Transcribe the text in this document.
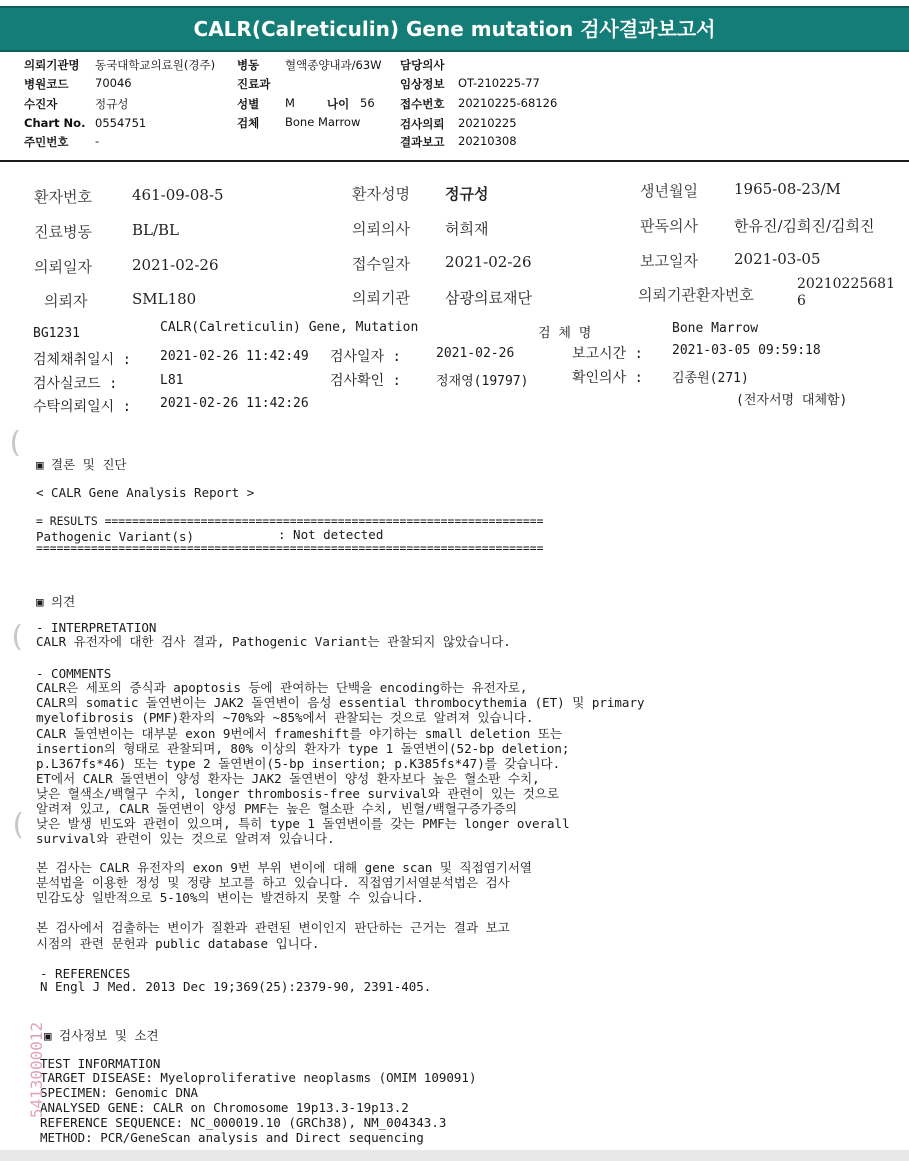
CALR(Calreticulin) Gene mutation 검사결과보고서
의뢰기관명 동국대학교의료원(경주)
병원코드 70046
수진자	정규성
Chart No. 0554751
주민번호 -
병동 혈액종양내과/63W
진료과
성별 M	나이 56
검체 Bone Marrow
담당의사
임상정보 OT-210225-77
접수번호 20210225-68126
검사의뢰 20210225
결과보고 20210308
환자번호	461-09-08-5	환자성명 정규성	생년월일 1965-08-23/M
진료병동	BL/BL	의뢰의사 허희재	판독의사 한유진/김희진/김희진
의뢰일자	2021-02-26	접수일자 2021-02-26	보고일자 2021-03-05
의뢰자	SML180	의뢰기관 삼광의료재단	의뢰기관환자번호
20210225681
6
BG1231	CALR(Calreticulin) Gene, Mutation	검 체 명	Bone Marrow
검체채취일시 : 2021-02-26 11:42:49 검사일자 :	2021-02-26	보고시간 : 2021-03-05 09:59:18
검사실코드 :	L81	검사확인 :	정재영(19797)	확인의사 : 김종원(271)
수탁의뢰일시 : 2021-02-26 11:42:26	(전자서명 대체함)
▣ 결론 및 진단
< CALR Gene Analysis Report >
= RESULTS ================================================================
Pathogenic Variant(s)	: Not detected
==========================================================================
▣ 의견
- INTERPRETATION
CALR 유전자에 대한 검사 결과, Pathogenic Variant는 관찰되지 않았습니다.
- COMMENTS
CALR은 세포의 증식과 apoptosis 등에 관여하는 단백을 encoding하는 유전자로,
CALR의 somatic 돌연변이는 JAK2 돌연변이 음성 essential thrombocythemia (ET) 및 primary
myelofibrosis (PMF)환자의 ~70%와 ~85%에서 관찰되는 것으로 알려져 있습니다.
CALR 돌연변이는 대부분 exon 9번에서 frameshift를 야기하는 small deletion 또는
insertion의 형태로 관찰되며, 80% 이상의 환자가 type 1 돌연변이(52-bp deletion;
p.L367fs*46) 또는 type 2 돌연변이(5-bp insertion; p.K385fs*47)를 갖습니다.
ET에서 CALR 돌연변이 양성 환자는 JAK2 돌연변이 양성 환자보다 높은 혈소판 수치,
낮은 혈색소/백혈구 수치, longer thrombosis-free survival와 관련이 있는 것으로
알려져 있고, CALR 돌연변이 양성 PMF는 높은 혈소판 수치, 빈혈/백혈구증가증의
낮은 발생 빈도와 관련이 있으며, 특히 type 1 돌연변이를 갖는 PMF는 longer overall
survival와 관련이 있는 것으로 알려져 있습니다.
본 검사는 CALR 유전자의 exon 9번 부위 변이에 대해 gene scan 및 직접염기서열
분석법을 이용한 정성 및 정량 보고를 하고 있습니다. 직접염기서열분석법은 검사
민감도상 일반적으로 5-10%의 변이는 발견하지 못할 수 있습니다.
본 검사에서 검출하는 변이가 질환과 관련된 변이인지 판단하는 근거는 결과 보고
시점의 관련 문헌과 public database 입니다.
- REFERENCES
N Engl J Med. 2013 Dec 19;369(25):2379-90, 2391-405.
▣ 검사정보 및 소견
TEST INFORMATION
TARGET DISEASE: Myeloproliferative neoplasms (OMIM 109091)
SPECIMEN: Genomic DNA
ANALYSED GENE: CALR on Chromosome 19p13.3-19p13.2
REFERENCE SEQUENCE: NC_000019.10 (GRCh38), NM_004343.3
METHOD: PCR/GeneScan analysis and Direct sequencing
5413000012
